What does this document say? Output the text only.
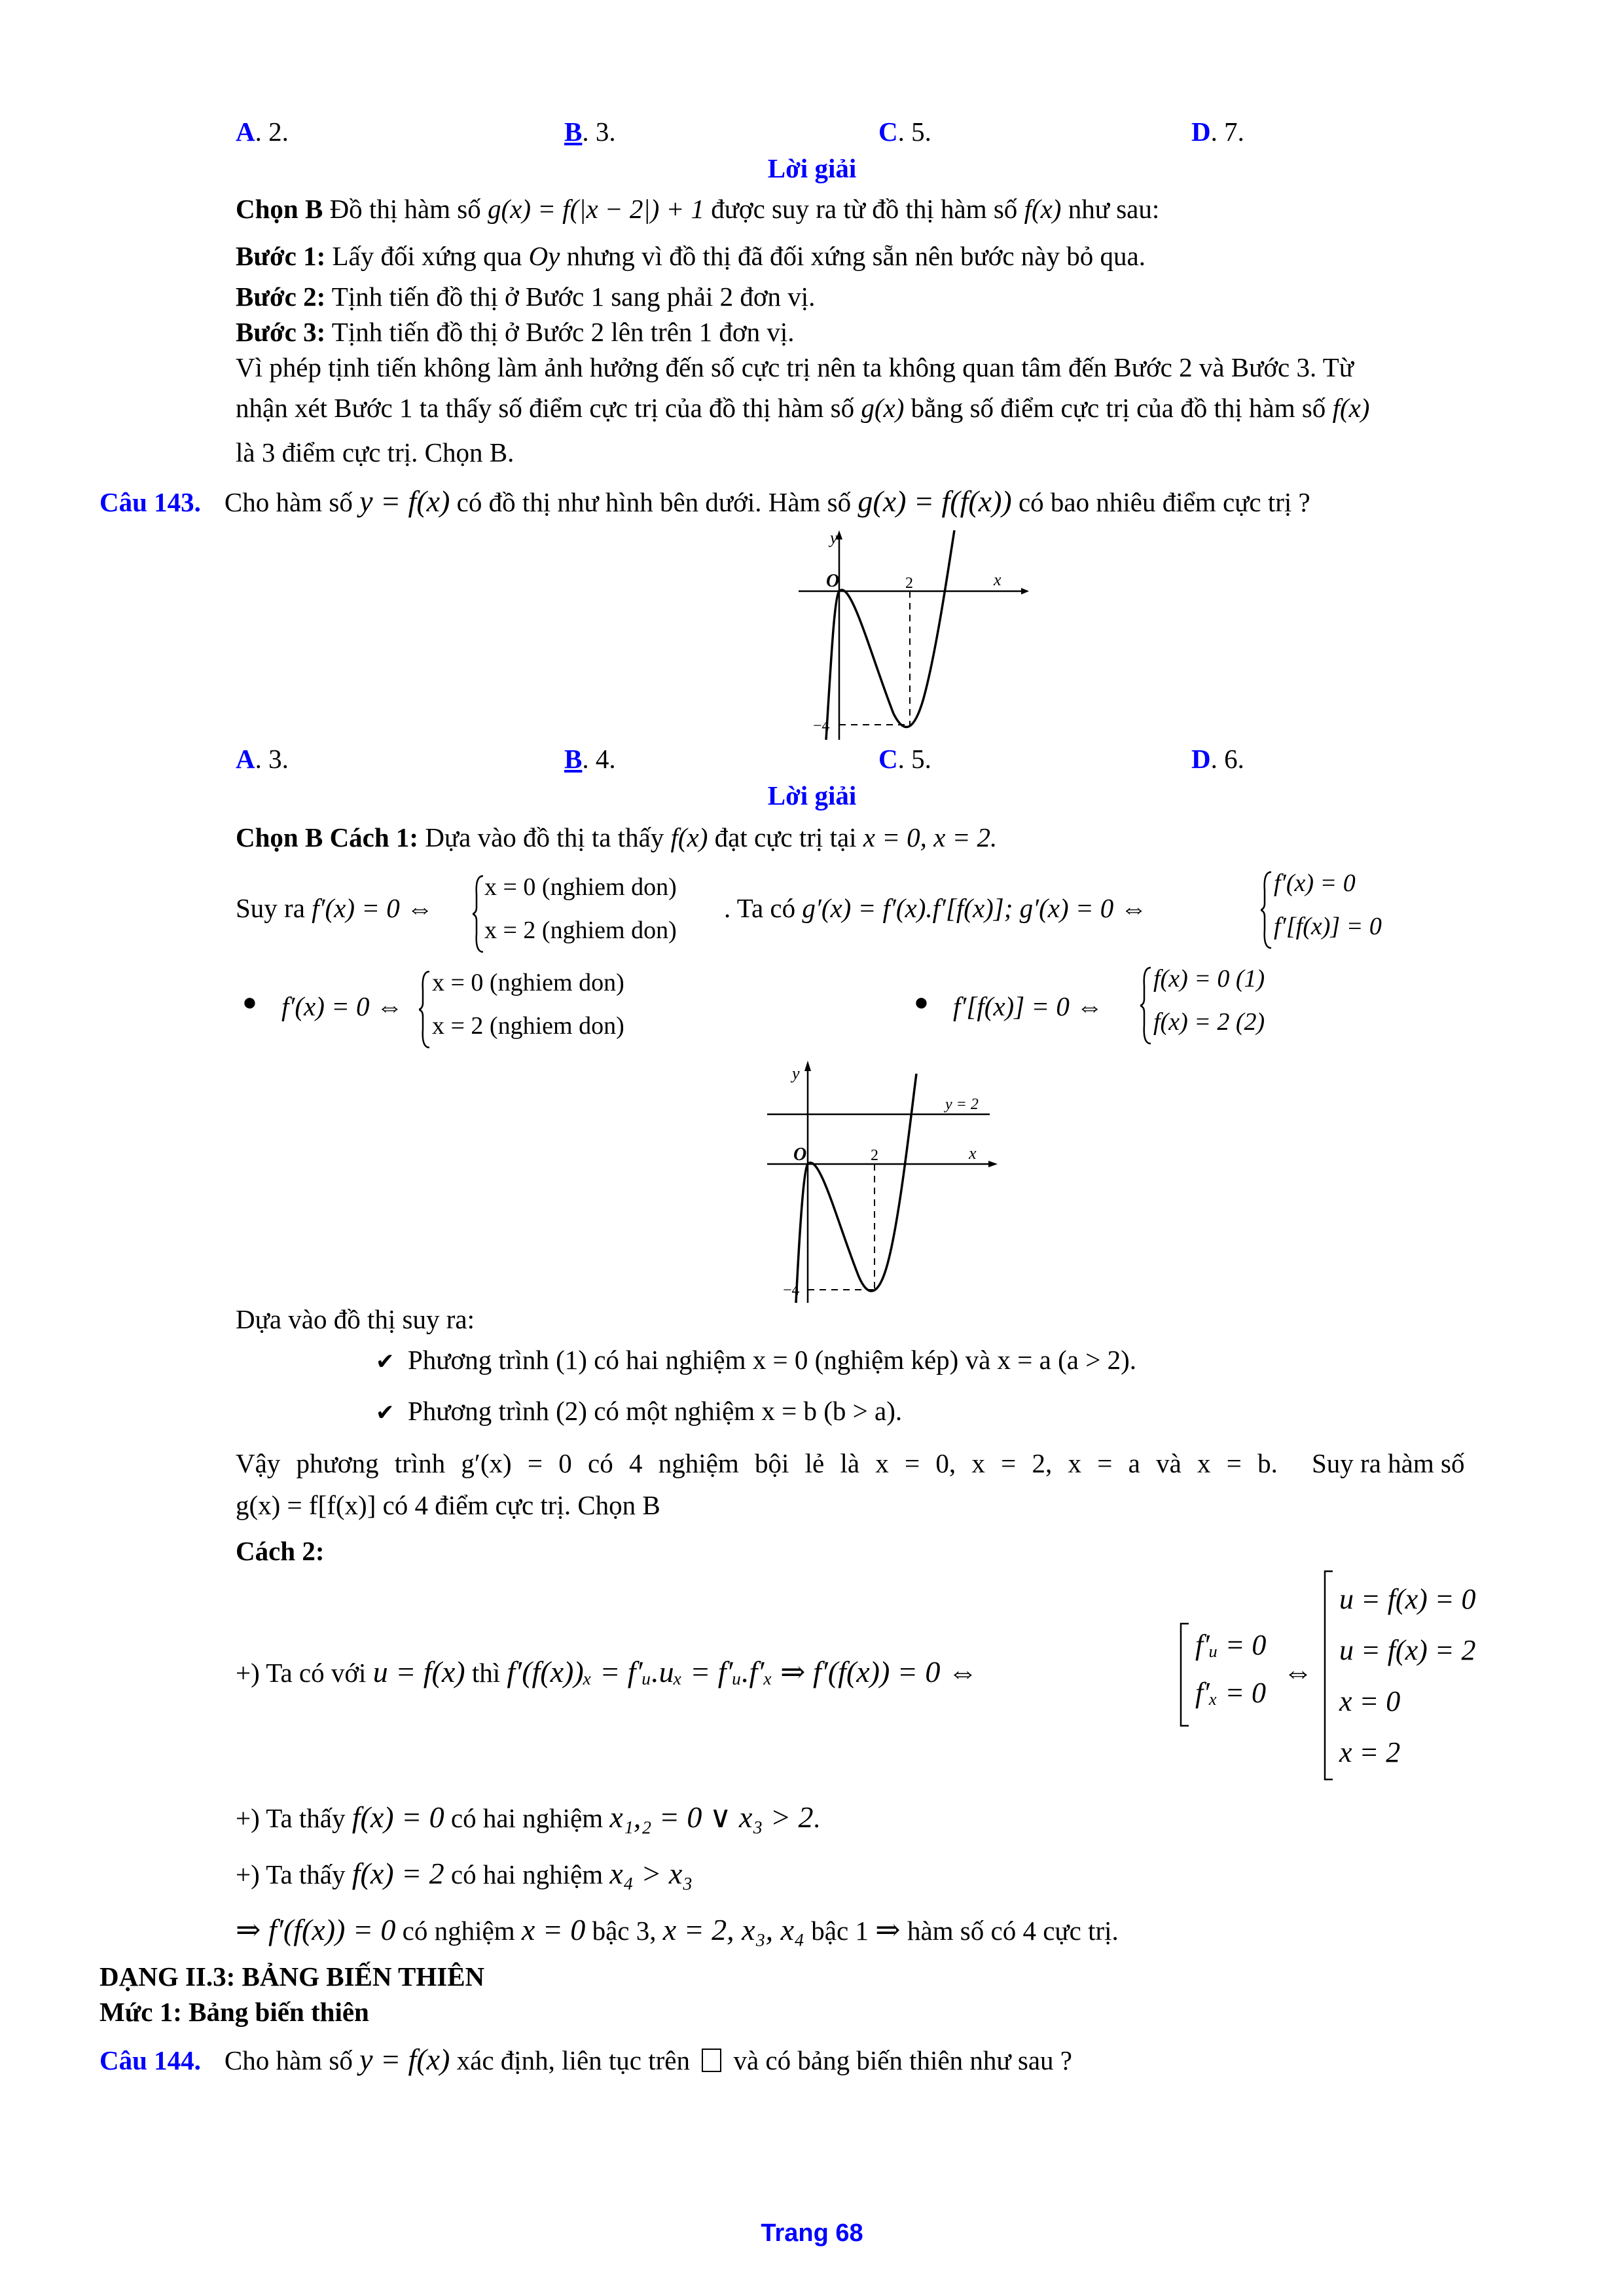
A. 2.	B. 3.	C. 5.	D. 7.
Lời giải
Chọn B Đồ thị hàm số g(x) = f(|x − 2|) + 1 được suy ra từ đồ thị hàm số f(x) như sau:
Bước 1: Lấy đối xứng qua Oy nhưng vì đồ thị đã đối xứng sẵn nên bước này bỏ qua.
Bước 2: Tịnh tiến đồ thị ở Bước 1 sang phải 2 đơn vị.
Bước 3: Tịnh tiến đồ thị ở Bước 2 lên trên 1 đơn vị.
Vì phép tịnh tiến không làm ảnh hưởng đến số cực trị nên ta không quan tâm đến Bước 2 và Bước 3. Từ
nhận xét Bước 1 ta thấy số điểm cực trị của đồ thị hàm số g(x) bằng số điểm cực trị của đồ thị hàm số f(x)
là 3 điểm cực trị. Chọn B.
Câu 143. Cho hàm số y = f(x) có đồ thị như hình bên dưới. Hàm số g(x) = f(f(x)) có bao nhiêu điểm cực trị ?
y
x
O	2
−4
A. 3.	B. 4.	C. 5.	D. 6.
Lời giải
Chọn B Cách 1: Dựa vào đồ thị ta thấy f(x) đạt cực trị tại x = 0, x = 2.
Suy ra f′(x) = 0 ⇔
x = 0 (nghiem don)
x = 2 (nghiem don)
. Ta có g′(x) = f′(x).f′[f(x)]; g′(x) = 0 ⇔
f′(x) = 0
f′[f(x)] = 0
● f′(x) = 0 ⇔
x = 0 (nghiem don)
x = 2 (nghiem don)
● f′[f(x)] = 0 ⇔
f(x) = 0 (1)
f(x) = 2 (2)
y
x
y = 2
O	2
−4
Dựa vào đồ thị suy ra:
✔ Phương trình (1) có hai nghiệm x = 0 (nghiệm kép) và x = a (a > 2).
✔ Phương trình (2) có một nghiệm x = b (b > a).
Vậy phương trình g′(x) = 0 có 4 nghiệm bội lẻ là x = 0, x = 2, x = a và x = b. Suy ra hàm số
g(x) = f[f(x)] có 4 điểm cực trị. Chọn B
Cách 2:
+) Ta có với u = f(x) thì f′(f(x))ₓ = f′ᵤ.uₓ = f′ᵤ.f′ₓ ⇒ f′(f(x)) = 0 ⇔
f′ᵤ = 0
f′ₓ = 0
⇔
u = f(x) = 0
u = f(x) = 2
x = 0
x = 2
+) Ta thấy f(x) = 0 có hai nghiệm x₁,₂ = 0 ∨ x₃ > 2.
+) Ta thấy f(x) = 2 có hai nghiệm x₄ > x₃
⇒ f′(f(x)) = 0 có nghiệm x = 0 bậc 3, x = 2, x₃, x₄ bậc 1 ⇒ hàm số có 4 cực trị.
DẠNG II.3: BẢNG BIẾN THIÊN
Mức 1: Bảng biến thiên
Câu 144. Cho hàm số y = f(x) xác định, liên tục trên  và có bảng biến thiên như sau ?
Trang 68
